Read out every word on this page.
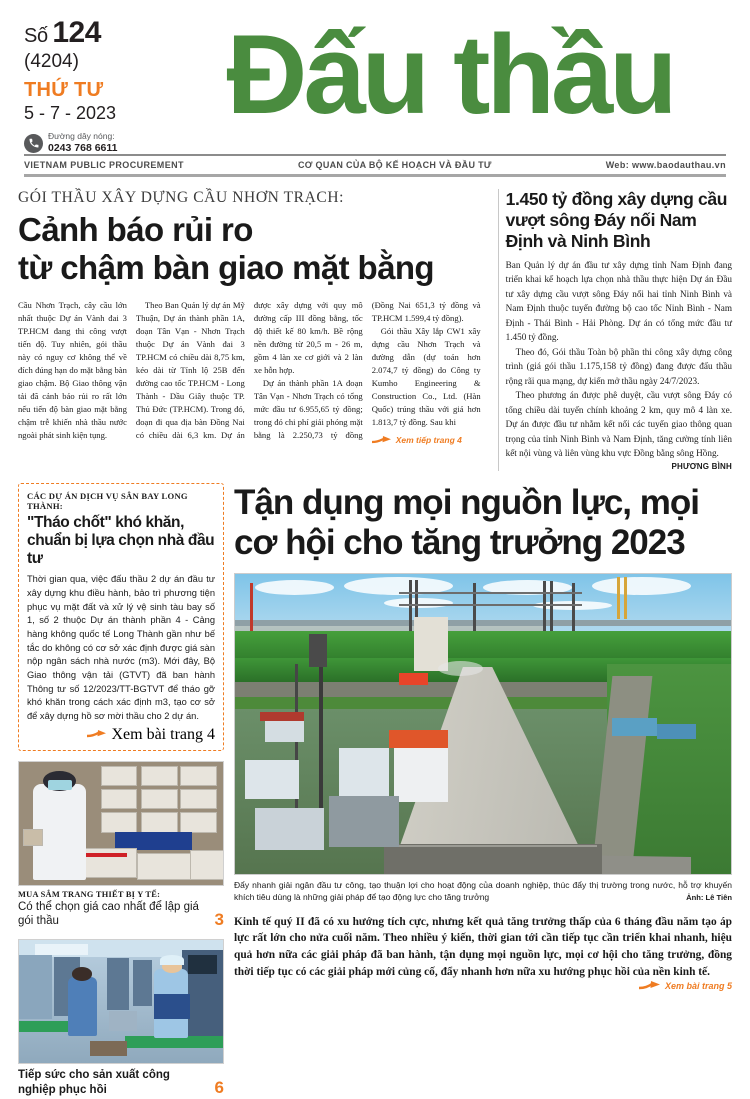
Số 124
(4204)
THỨ TƯ
5 - 7 - 2023
Đường dây nóng:
0243 768 6611
Đấu thầu
VIETNAM PUBLIC PROCUREMENT	CƠ QUAN CỦA BỘ KẾ HOẠCH VÀ ĐẦU TƯ	Web: www.baodauthau.vn
GÓI THẦU XÂY DỰNG CẦU NHƠN TRẠCH:
Cảnh báo rủi ro
từ chậm bàn giao mặt bằng

Cầu Nhơn Trạch, cây cầu lớn nhất thuộc Dự án Vành đai 3 TP.HCM đang thi công vượt tiến độ. Tuy nhiên, gói thầu này có nguy cơ không thể về đích đúng hạn do mặt bằng bàn giao chậm. Bộ Giao thông vận tải đã cảnh báo rủi ro rất lớn nếu tiến độ bàn giao mặt bằng chậm trễ khiến nhà thầu nước ngoài phát sinh kiện tụng.

Theo Ban Quản lý dự án Mỹ Thuận, Dự án thành phần 1A, đoạn Tân Vạn - Nhơn Trạch thuộc Dự án Vành đai 3 TP.HCM có chiều dài 8,75 km, kéo dài từ Tỉnh lộ 25B đến đường cao tốc TP.HCM - Long Thành - Dầu Giây thuộc TP. Thủ Đức (TP.HCM). Trong đó, đoạn đi qua địa bàn Đồng Nai có chiều dài 6,3 km. Dự án được xây dựng với quy mô đường cấp III đồng bằng, tốc độ thiết kế 80 km/h. Bề rộng nền đường từ 20,5 m - 26 m, gồm 4 làn xe cơ giới và 2 làn xe hỗn hợp.

Dự án thành phần 1A đoạn Tân Vạn - Nhơn Trạch có tổng mức đầu tư 6.955,65 tỷ đồng; trong đó chi phí giải phóng mặt bằng là 2.250,73 tỷ đồng (Đồng Nai 651,3 tỷ đồng và TP.HCM 1.599,4 tỷ đồng).

Gói thầu Xây lắp CW1 xây dựng cầu Nhơn Trạch và đường dẫn (dự toán hơn 2.074,7 tỷ đồng) do Công ty Kumho Engineering & Construction Co., Ltd. (Hàn Quốc) trúng thầu với giá hơn 1.813,7 tỷ đồng. Sau khi

Xem tiếp trang 4
1.450 tỷ đồng xây dựng cầu vượt sông Đáy nối Nam Định và Ninh Bình

Ban Quản lý dự án đầu tư xây dựng tỉnh Nam Định đang triển khai kế hoạch lựa chọn nhà thầu thực hiện Dự án Đầu tư xây dựng cầu vượt sông Đáy nối hai tỉnh Ninh Bình và Nam Định thuộc tuyến đường bộ cao tốc Ninh Bình - Nam Định - Thái Bình - Hải Phòng. Dự án có tổng mức đầu tư 1.450 tỷ đồng.

Theo đó, Gói thầu Toàn bộ phần thi công xây dựng công trình (giá gói thầu 1.175,158 tỷ đồng) đang được đấu thầu rộng rãi qua mạng, dự kiến mở thầu ngày 24/7/2023.

Theo phương án được phê duyệt, cầu vượt sông Đáy có tổng chiều dài tuyến chính khoảng 2 km, quy mô 4 làn xe. Dự án được đầu tư nhằm kết nối các tuyến giao thông quan trọng của tỉnh Ninh Bình và Nam Định, tăng cường tính liên kết nội vùng và liên vùng khu vực Đồng bằng sông Hồng.

PHƯƠNG BÌNH
CÁC DỰ ÁN DỊCH VỤ SÂN BAY LONG THÀNH:
"Tháo chốt" khó khăn, chuẩn bị lựa chọn nhà đầu tư
Thời gian qua, việc đấu thầu 2 dự án đầu tư xây dựng khu điều hành, bảo trì phương tiện phục vụ mặt đất và xử lý vệ sinh tàu bay số 1, số 2 thuộc Dự án thành phần 4 - Cảng hàng không quốc tế Long Thành gần như bế tắc do không có cơ sở xác định được giá sàn nộp ngân sách nhà nước (m3). Mới đây, Bộ Giao thông vận tải (GTVT) đã ban hành Thông tư số 12/2023/TT-BGTVT để tháo gỡ khó khăn trong cách xác định m3, tạo cơ sở để xây dựng hồ sơ mời thầu cho 2 dự án.
Xem bài trang 4
MUA SẮM TRANG THIẾT BỊ Y TẾ:
Có thể chọn giá cao nhất để lập giá gói thầu	3
Tiếp sức cho sản xuất công nghiệp phục hồi	6
Tận dụng mọi nguồn lực, mọi cơ hội cho tăng trưởng 2023
Đẩy nhanh giải ngân đầu tư công, tạo thuận lợi cho hoạt động của doanh nghiệp, thúc đẩy thị trường trong nước, hỗ trợ khuyến khích tiêu dùng là những giải pháp để tạo động lực cho tăng trưởng	Ảnh: Lê Tiên
Kinh tế quý II đã có xu hướng tích cực, nhưng kết quả tăng trưởng thấp của 6 tháng đầu năm tạo áp lực rất lớn cho nửa cuối năm. Theo nhiều ý kiến, thời gian tới cần tiếp tục cần triển khai nhanh, hiệu quả hơn nữa các giải pháp đã ban hành, tận dụng mọi nguồn lực, mọi cơ hội cho tăng trưởng, đồng thời tiếp tục có các giải pháp mới củng cố, đẩy nhanh hơn nữa xu hướng phục hồi của nền kinh tế.
Xem bài trang 5
